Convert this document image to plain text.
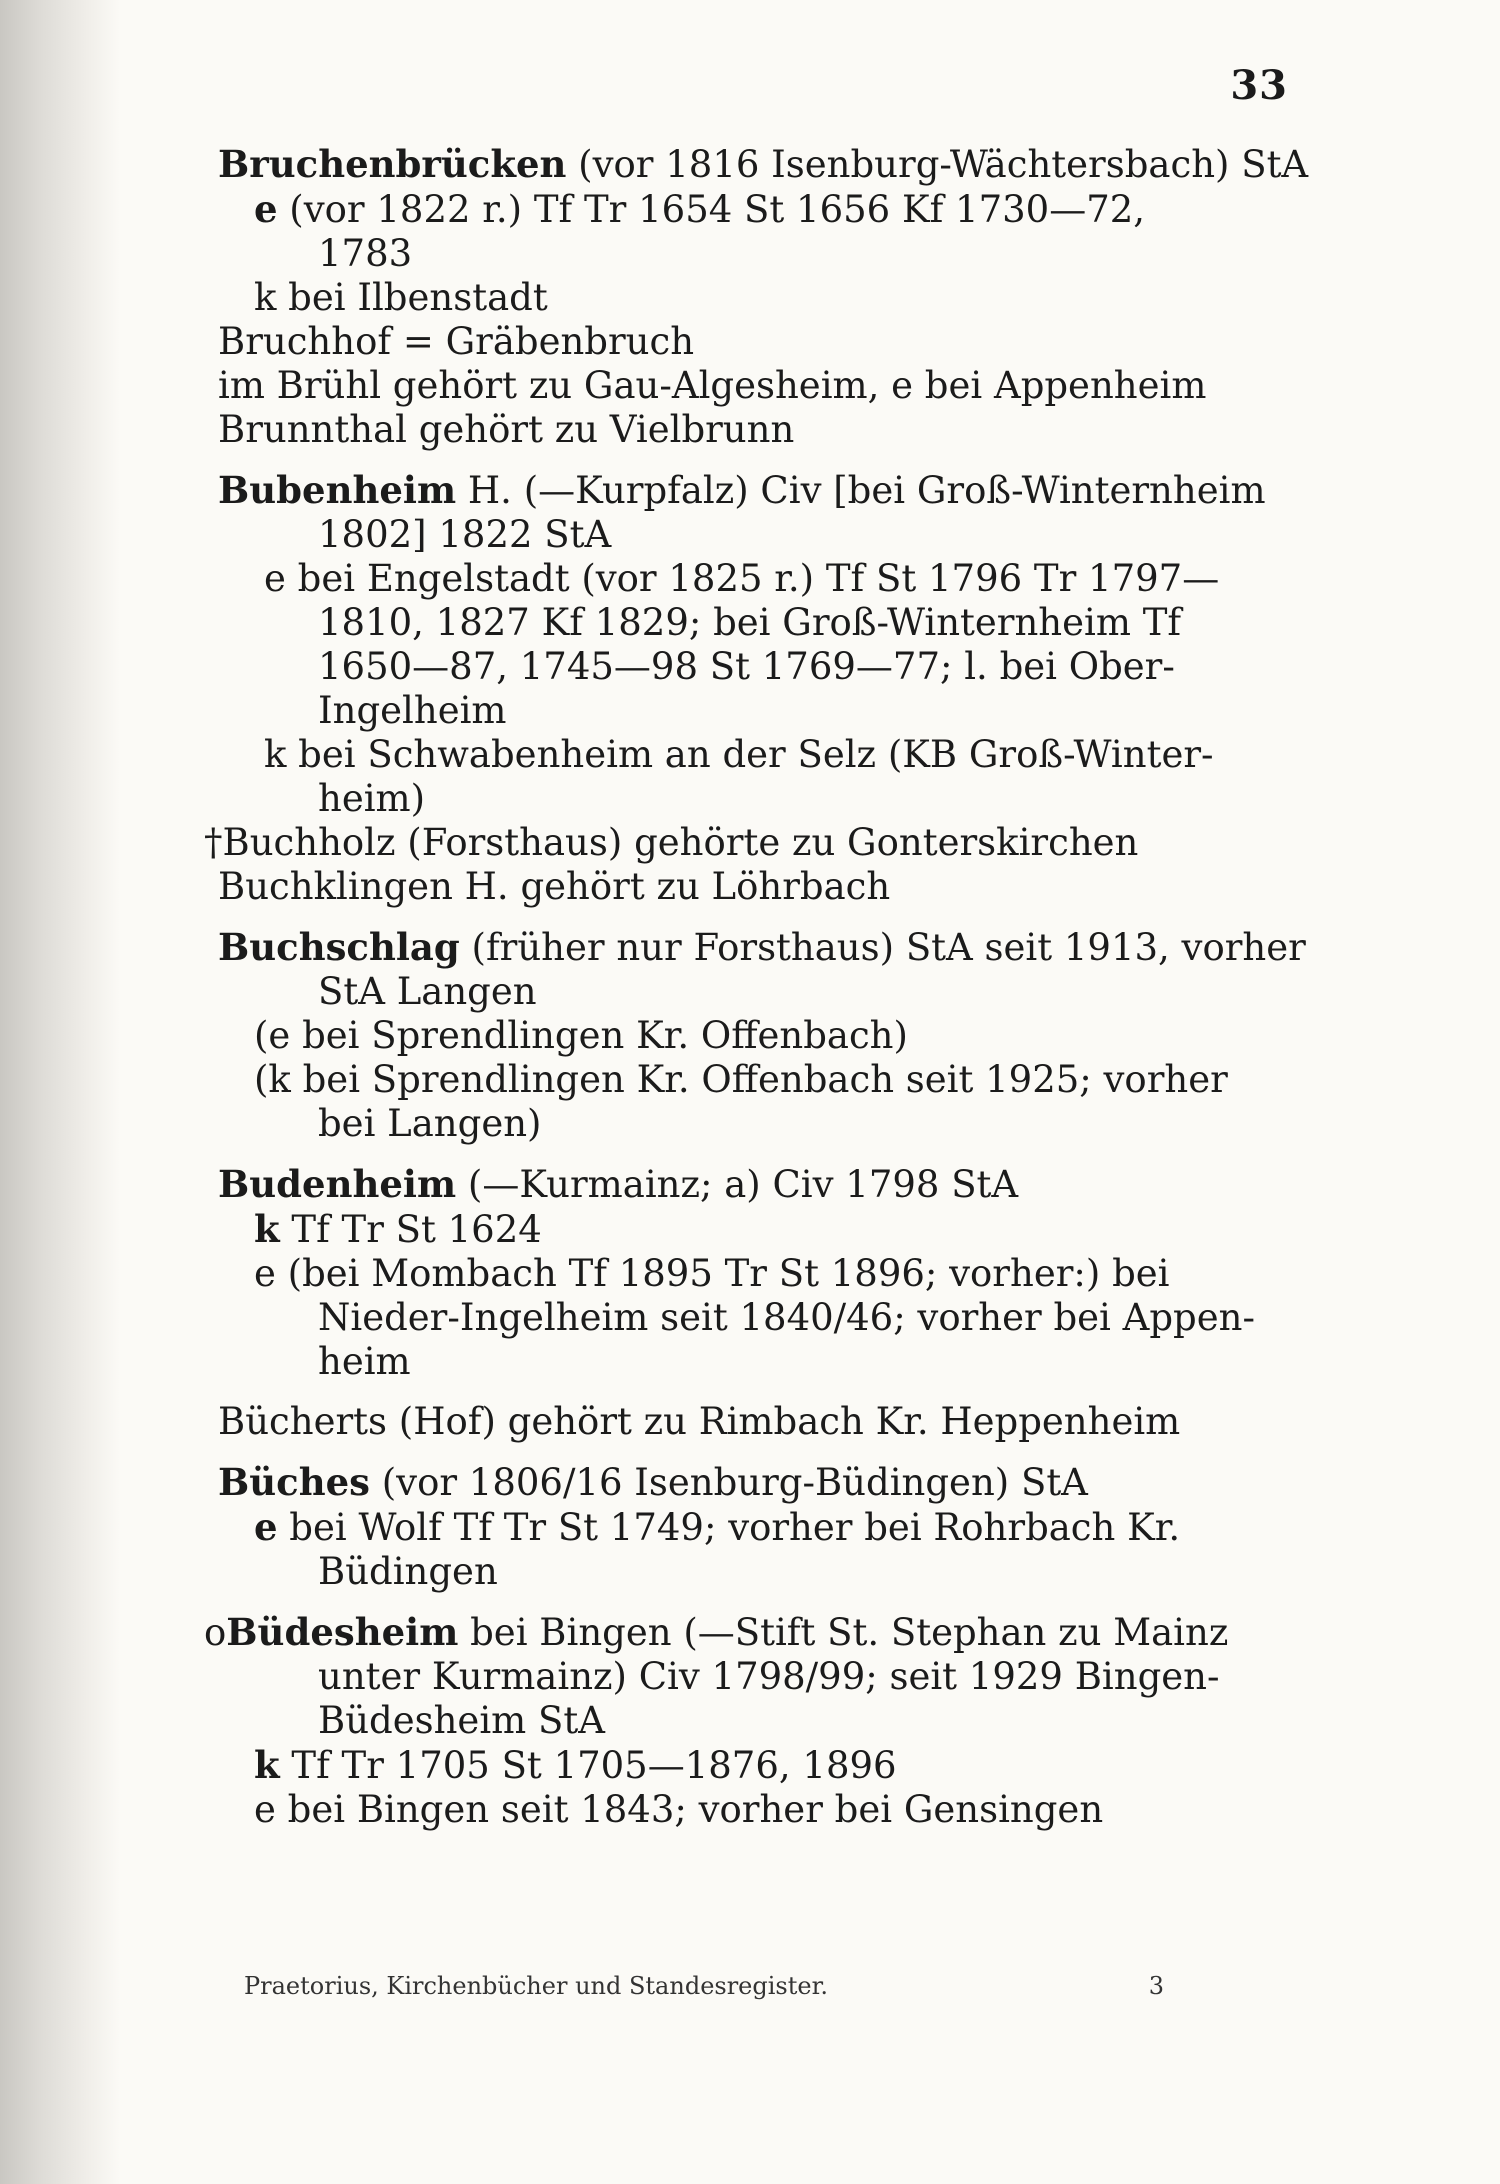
33
Bruchenbrücken (vor 1816 Isenburg-Wächtersbach) StA
e (vor 1822 r.) Tf Tr 1654 St 1656 Kf 1730—72,
1783
k bei Ilbenstadt
Bruchhof = Gräbenbruch
im Brühl gehört zu Gau-Algesheim, e bei Appenheim
Brunnthal gehört zu Vielbrunn
Bubenheim H. (—Kurpfalz) Civ [bei Groß-Winternheim
1802] 1822 StA
e bei Engelstadt (vor 1825 r.) Tf St 1796 Tr 1797—
1810, 1827 Kf 1829; bei Groß-Winternheim Tf
1650—87, 1745—98 St 1769—77; l. bei Ober-
Ingelheim
k bei Schwabenheim an der Selz (KB Groß-Winter-
heim)
†Buchholz (Forsthaus) gehörte zu Gonterskirchen
Buchklingen H. gehört zu Löhrbach
Buchschlag (früher nur Forsthaus) StA seit 1913, vorher
StA Langen
(e bei Sprendlingen Kr. Offenbach)
(k bei Sprendlingen Kr. Offenbach seit 1925; vorher
bei Langen)
Budenheim (—Kurmainz; a) Civ 1798 StA
k Tf Tr St 1624
e (bei Mombach Tf 1895 Tr St 1896; vorher:) bei
Nieder-Ingelheim seit 1840/46; vorher bei Appen-
heim
Bücherts (Hof) gehört zu Rimbach Kr. Heppenheim
Büches (vor 1806/16 Isenburg-Büdingen) StA
e bei Wolf Tf Tr St 1749; vorher bei Rohrbach Kr.
Büdingen
oBüdesheim bei Bingen (—Stift St. Stephan zu Mainz
unter Kurmainz) Civ 1798/99; seit 1929 Bingen-
Büdesheim StA
k Tf Tr 1705 St 1705—1876, 1896
e bei Bingen seit 1843; vorher bei Gensingen
Praetorius, Kirchenbücher und Standesregister.	3
